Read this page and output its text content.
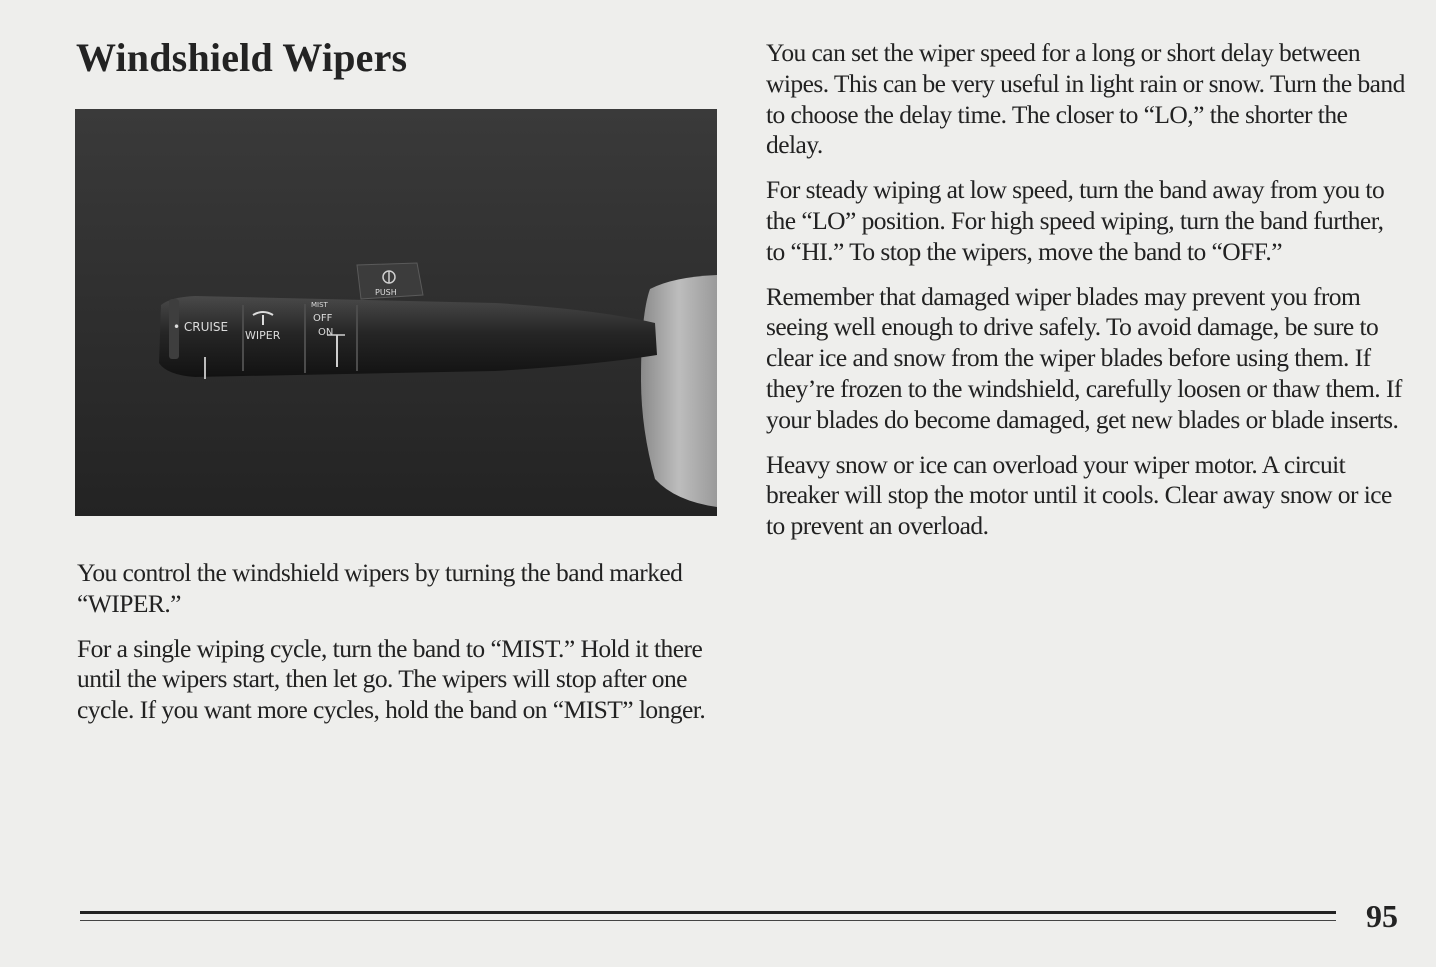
Windshield Wipers
PUSH
• CRUISE
WIPER
OFF
ON
MIST

You control the windshield wipers by turning the band marked “WIPER.”

For a single wiping cycle, turn the band to “MIST.” Hold it there until the wipers start, then let go. The wipers will stop after one cycle. If you want more cycles, hold the band on “MIST” longer.

You can set the wiper speed for a long or short delay between wipes. This can be very useful in light rain or snow. Turn the band to choose the delay time. The closer to “LO,” the shorter the delay.

For steady wiping at low speed, turn the band away from you to the “LO” position. For high speed wiping, turn the band further, to “HI.” To stop the wipers, move the band to “OFF.”

Remember that damaged wiper blades may prevent you from seeing well enough to drive safely. To avoid damage, be sure to clear ice and snow from the wiper blades before using them. If they’re frozen to the windshield, carefully loosen or thaw them. If your blades do become damaged, get new blades or blade inserts.

Heavy snow or ice can overload your wiper motor. A circuit breaker will stop the motor until it cools. Clear away snow or ice to prevent an overload.

95
